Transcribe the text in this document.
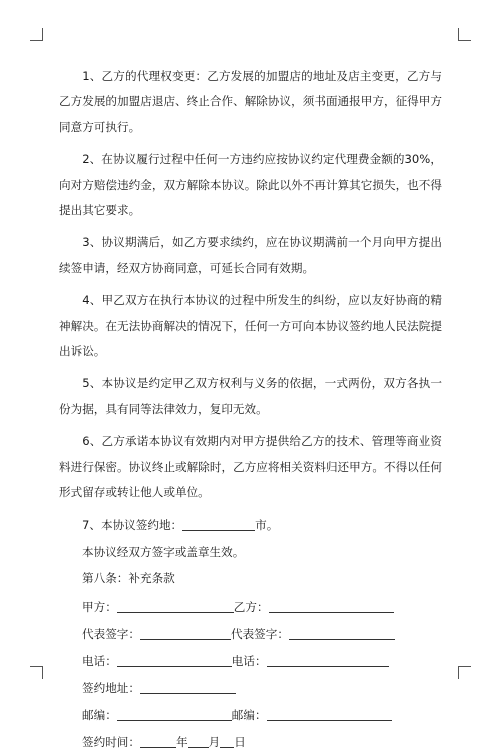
1、乙方的代理权变更：乙方发展的加盟店的地址及店主变更，乙方与乙方发展的加盟店退店、终止合作、解除协议，须书面通报甲方，征得甲方同意方可执行。

2、在协议履行过程中任何一方违约应按协议约定代理费金额的30%，向对方赔偿违约金，双方解除本协议。除此以外不再计算其它损失，也不得提出其它要求。

3、协议期满后，如乙方要求续约，应在协议期满前一个月向甲方提出续签申请，经双方协商同意，可延长合同有效期。

4、甲乙双方在执行本协议的过程中所发生的纠纷，应以友好协商的精神解决。在无法协商解决的情况下，任何一方可向本协议签约地人民法院提出诉讼。

5、本协议是约定甲乙双方权利与义务的依据，一式两份，双方各执一份为据，具有同等法律效力，复印无效。

6、乙方承诺本协议有效期内对甲方提供给乙方的技术、管理等商业资料进行保密。协议终止或解除时，乙方应将相关资料归还甲方。不得以任何形式留存或转让他人或单位。

7、本协议签约地：	市。

本协议经双方签字或盖章生效。

第八条：补充条款

甲方：	乙方：

代表签字：	代表签字：

电话：	电话：

签约地址：

邮编：	邮编：

签约时间：	年 月 日
